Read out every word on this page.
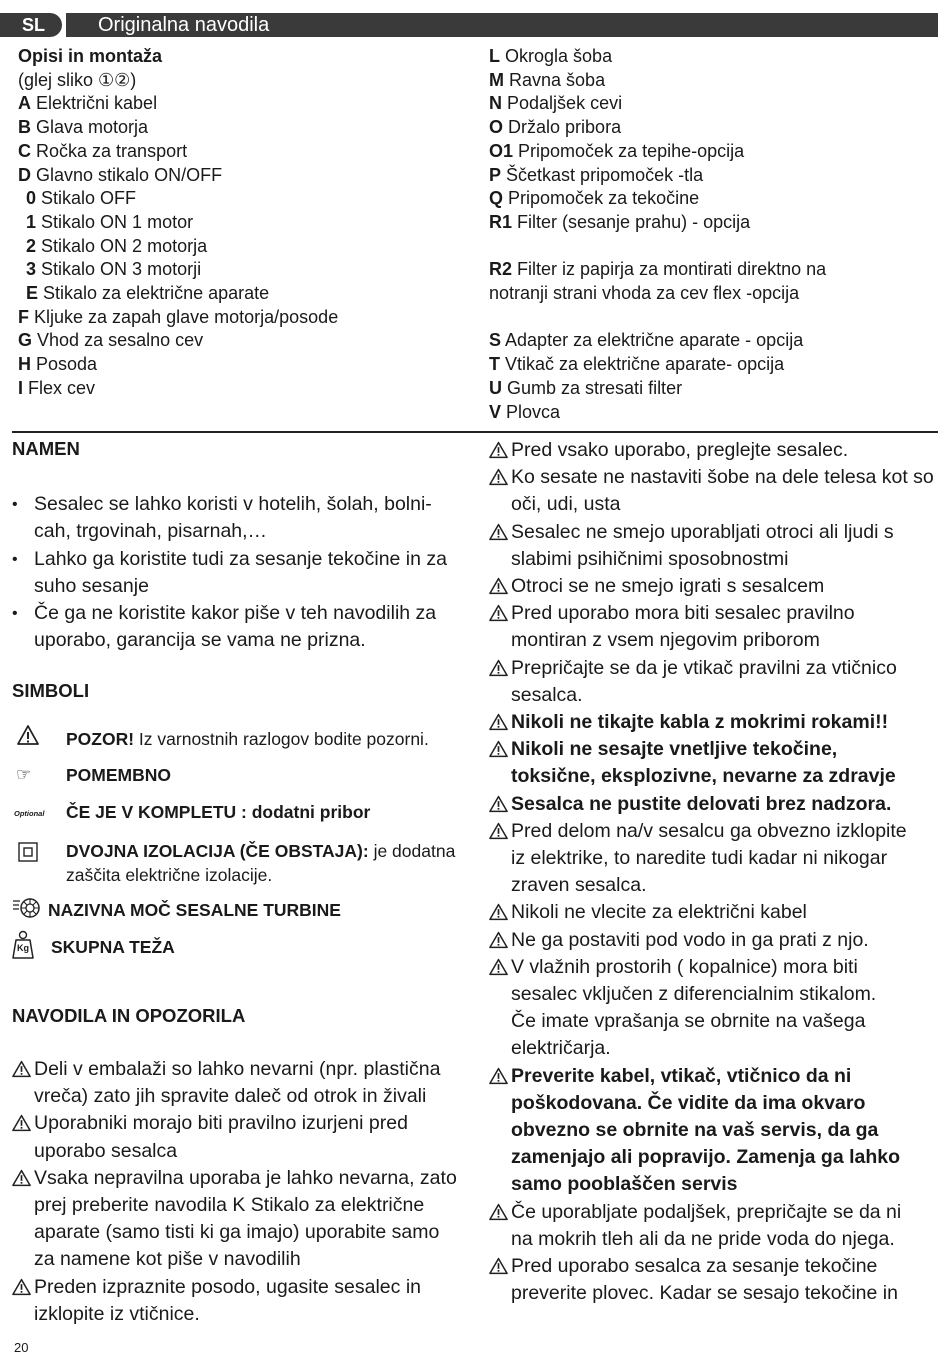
SL	Originalna navodila
Opisi in montaža
(glej sliko ①②)
A Električni kabel
B Glava motorja
C Ročka za transport
D Glavno stikalo ON/OFF
0 Stikalo OFF
1 Stikalo ON 1 motor
2 Stikalo ON 2 motorja
3 Stikalo ON 3 motorji
E Stikalo za električne aparate
F Kljuke za zapah glave motorja/posode
G Vhod za sesalno cev
H Posoda
I Flex cev
L Okrogla šoba
M Ravna šoba
N Podaljšek cevi
O Držalo pribora
O1 Pripomoček za tepihe-opcija
P Ščetkast pripomoček -tla
Q Pripomoček za tekočine
R1 Filter (sesanje prahu) - opcija
R2 Filter iz papirja za montirati direktno na
notranji strani vhoda za cev flex -opcija
S Adapter za električne aparate - opcija
T Vtikač za električne aparate- opcija
U Gumb za stresati filter
V Plovca
NAMEN
• Sesalec se lahko koristi v hotelih, šolah, bolni-cah, trgovinah, pisarnah,…
• Lahko ga koristite tudi za sesanje tekočine in za suho sesanje
• Če ga ne koristite kakor piše v teh navodilih za uporabo, garancija se vama ne prizna.
SIMBOLI
POZOR! Iz varnostnih razlogov bodite pozorni.
☞ POMEMBNO
Optional ČE JE V KOMPLETU : dodatni pribor
DVOJNA IZOLACIJA (ČE OBSTAJA): je dodatna
zaščita električne izolacije.
NAZIVNA MOČ SESALNE TURBINE
Kg SKUPNA TEŽA
NAVODILA IN OPOZORILA
Deli v embalaži so lahko nevarni (npr. plastična
vreča) zato jih spravite daleč od otrok in živali
Uporabniki morajo biti pravilno izurjeni pred
uporabo sesalca
Vsaka nepravilna uporaba je lahko nevarna, zato
prej preberite navodila K Stikalo za električne
aparate (samo tisti ki ga imajo) uporabite samo
za namene kot piše v navodilih
Preden izpraznite posodo, ugasite sesalec in
izklopite iz vtičnice.
Pred vsako uporabo, preglejte sesalec.
Ko sesate ne nastaviti šobe na dele telesa kot so
oči, udi, usta
Sesalec ne smejo uporabljati otroci ali ljudi s
slabimi psihičnimi sposobnostmi
Otroci se ne smejo igrati s sesalcem
Pred uporabo mora biti sesalec pravilno
montiran z vsem njegovim priborom
Prepričajte se da je vtikač pravilni za vtičnico
sesalca.
Nikoli ne tikajte kabla z mokrimi rokami!!
Nikoli ne sesajte vnetljive tekočine,
toksične, eksplozivne, nevarne za zdravje
Sesalca ne pustite delovati brez nadzora.
Pred delom na/v sesalcu ga obvezno izklopite
iz elektrike, to naredite tudi kadar ni nikogar
zraven sesalca.
Nikoli ne vlecite za električni kabel
Ne ga postaviti pod vodo in ga prati z njo.
V vlažnih prostorih ( kopalnice) mora biti
sesalec vključen z diferencialnim stikalom.
Če imate vprašanja se obrnite na vašega
električarja.
Preverite kabel, vtikač, vtičnico da ni
poškodovana. Če vidite da ima okvaro
obvezno se obrnite na vaš servis, da ga
zamenjajo ali popravijo. Zamenja ga lahko
samo pooblaščen servis
Če uporabljate podaljšek, prepričajte se da ni
na mokrih tleh ali da ne pride voda do njega.
Pred uporabo sesalca za sesanje tekočine
preverite plovec. Kadar se sesajo tekočine in
20
